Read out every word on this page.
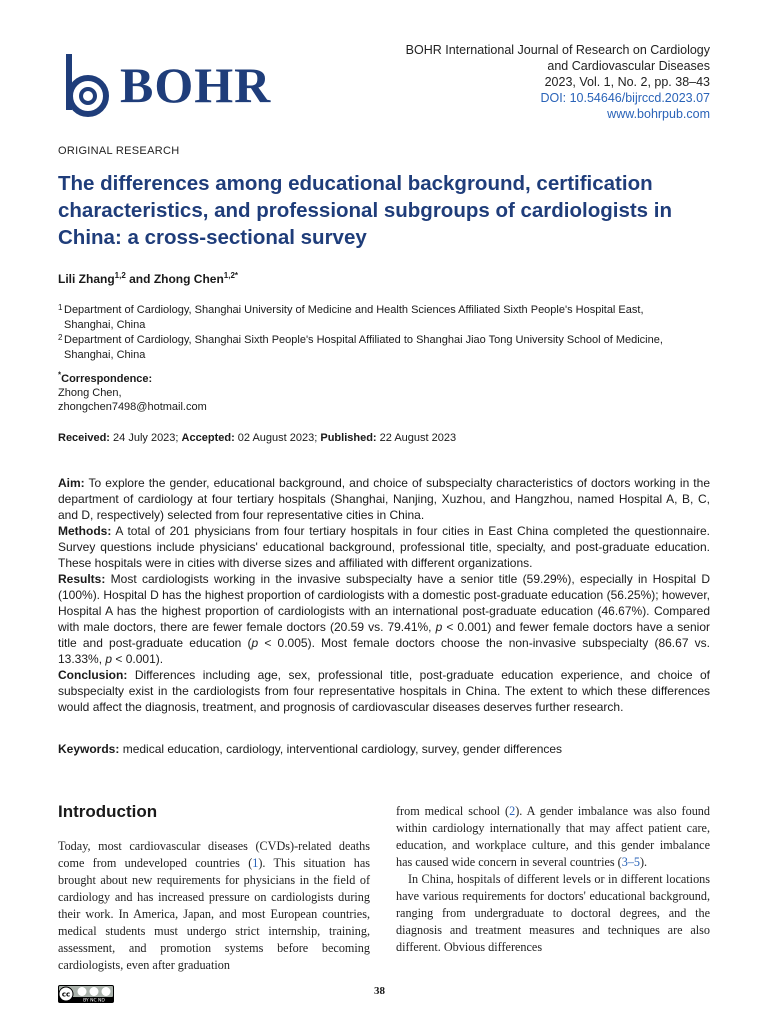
BOHR
BOHR International Journal of Research on Cardiology
and Cardiovascular Diseases
2023, Vol. 1, No. 2, pp. 38–43
DOI: 10.54646/bijrccd.2023.07
www.bohrpub.com
ORIGINAL RESEARCH
The differences among educational background, certification characteristics, and professional subgroups of cardiologists in China: a cross-sectional survey
Lili Zhang$^{1,2}$ and Zhong Chen$^{1,2*}$
1 Department of Cardiology, Shanghai University of Medicine and Health Sciences Affiliated Sixth People's Hospital East,
Shanghai, China
2 Department of Cardiology, Shanghai Sixth People's Hospital Affiliated to Shanghai Jiao Tong University School of Medicine,
Shanghai, China
*Correspondence:
Zhong Chen,
zhongchen7498@hotmail.com
Received: 24 July 2023; Accepted: 02 August 2023; Published: 22 August 2023

Aim: To explore the gender, educational background, and choice of subspecialty characteristics of doctors working in the department of cardiology at four tertiary hospitals (Shanghai, Nanjing, Xuzhou, and Hangzhou, named Hospital A, B, C, and D, respectively) selected from four representative cities in China.

Methods: A total of 201 physicians from four tertiary hospitals in four cities in East China completed the questionnaire. Survey questions include physicians' educational background, professional title, specialty, and post-graduate education. These hospitals were in cities with diverse sizes and affiliated with different organizations.

Results: Most cardiologists working in the invasive subspecialty have a senior title (59.29%), especially in Hospital D (100%). Hospital D has the highest proportion of cardiologists with a domestic post-graduate education (56.25%); however, Hospital A has the highest proportion of cardiologists with an international post-graduate education (46.67%). Compared with male doctors, there are fewer female doctors (20.59 vs. 79.41%, p < 0.001) and fewer female doctors have a senior title and post-graduate education (p < 0.005). Most female doctors choose the non-invasive subspecialty (86.67 vs. 13.33%, p < 0.001).

Conclusion: Differences including age, sex, professional title, post-graduate education experience, and choice of subspecialty exist in the cardiologists from four representative hospitals in China. The extent to which these differences would affect the diagnosis, treatment, and prognosis of cardiovascular diseases deserves further research.

Keywords: medical education, cardiology, interventional cardiology, survey, gender differences
Introduction

Today, most cardiovascular diseases (CVDs)-related deaths come from undeveloped countries (1). This situation has brought about new requirements for physicians in the field of cardiology and has increased pressure on cardiologists during their work. In America, Japan, and most European countries, medical students must undergo strict internship, training, assessment, and promotion systems before becoming cardiologists, even after graduation

from medical school (2). A gender imbalance was also found within cardiology internationally that may affect patient care, education, and workplace culture, and this gender imbalance has caused wide concern in several countries (3–5).

In China, hospitals of different levels or in different locations have various requirements for doctors' educational background, ranging from undergraduate to doctoral degrees, and the diagnosis and treatment measures and techniques are also different. Obvious differences

cc
BY NC ND
38
